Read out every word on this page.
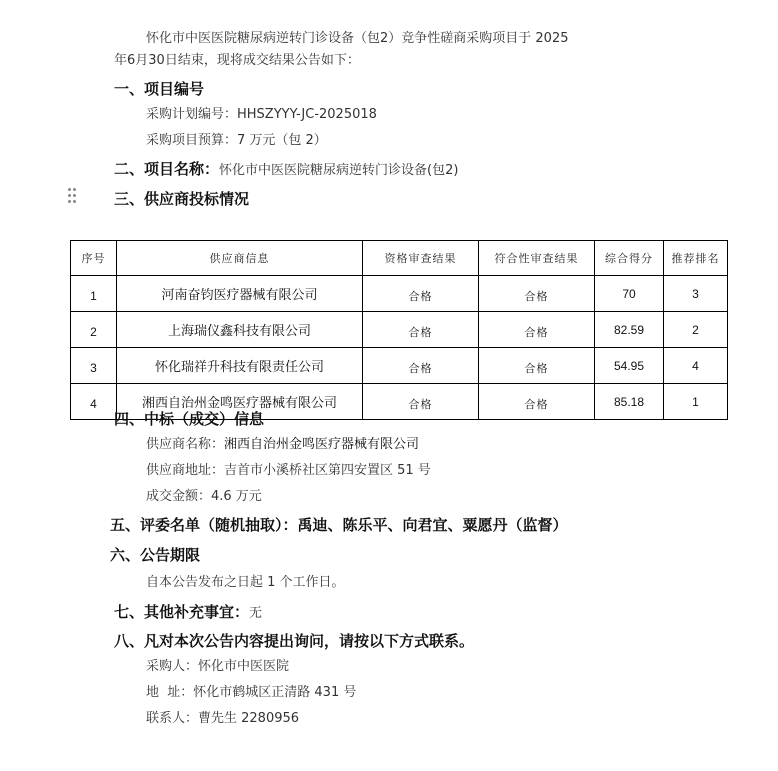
怀化市中医医院糖尿病逆转门诊设备（包2）竞争性磋商采购项目于 2025
年6月30日结束，现将成交结果公告如下：
一、项目编号
采购计划编号：HHSZYYY-JC-2025018
采购项目预算：7 万元（包 2）
二、项目名称：怀化市中医医院糖尿病逆转门诊设备(包2)
三、供应商投标情况
序号	供应商信息	资格审查结果	符合性审查结果	综合得分	推荐排名
1	河南奋钧医疗器械有限公司	合格	合格	70	3
2	上海瑞仪鑫科技有限公司	合格	合格	82.59	2
3	怀化瑞祥升科技有限责任公司	合格	合格	54.95	4
4	湘西自治州金鸣医疗器械有限公司	合格	合格	85.18	1
四、中标（成交）信息
供应商名称：湘西自治州金鸣医疗器械有限公司
供应商地址：吉首市小溪桥社区第四安置区 51 号
成交金额：4.6 万元
五、评委名单（随机抽取）：禹迪、陈乐平、向君宜、粟愿丹（监督）
六、公告期限
自本公告发布之日起 1 个工作日。
七、其他补充事宜：无
八、凡对本次公告内容提出询问，请按以下方式联系。
采购人：怀化市中医医院
地  址：怀化市鹤城区正清路 431 号
联系人：曹先生 2280956
